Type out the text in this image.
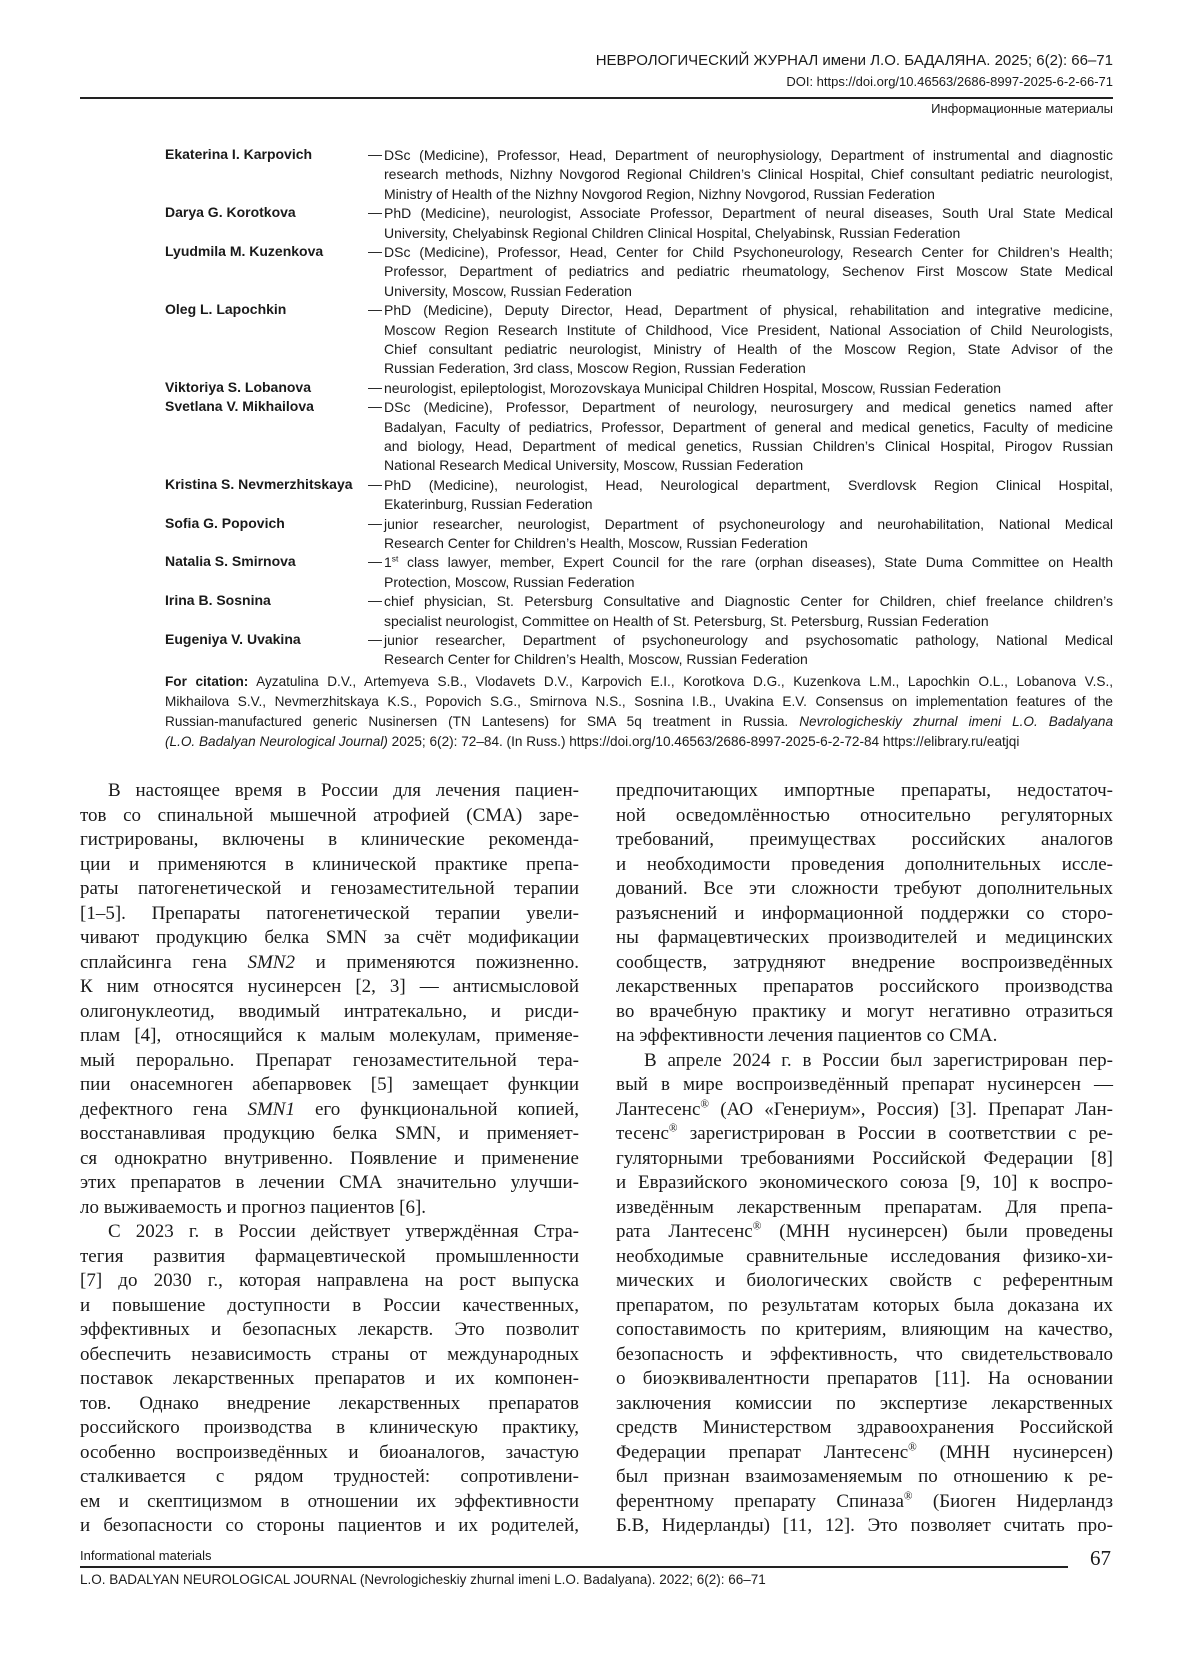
НЕВРОЛОГИЧЕСКИЙ ЖУРНАЛ имени Л.О. БАДАЛЯНА. 2025; 6(2): 66–71
DOI: https://doi.org/10.46563/2686-8997-2025-6-2-66-71
Информационные материалы
Ekaterina I. Karpovich	— DSc (Medicine), Professor, Head, Department of neurophysiology, Department of instrumental and diagnostic
research methods, Nizhny Novgorod Regional Children’s Clinical Hospital, Chief consultant pediatric neurologist,
Ministry of Health of the Nizhny Novgorod Region, Nizhny Novgorod, Russian Federation
Darya G. Korotkova	— PhD (Medicine), neurologist, Associate Professor, Department of neural diseases, South Ural State Medical
University, Chelyabinsk Regional Children Clinical Hospital, Chelyabinsk, Russian Federation
Lyudmila M. Kuzenkova	— DSc (Medicine), Professor, Head, Center for Child Psychoneurology, Research Center for Children’s Health;
Professor, Department of pediatrics and pediatric rheumatology, Sechenov First Moscow State Medical
University, Moscow, Russian Federation
Oleg L. Lapochkin	— PhD (Medicine), Deputy Director, Head, Department of physical, rehabilitation and integrative medicine,
Moscow Region Research Institute of Childhood, Vice President, National Association of Child Neurologists,
Chief consultant pediatric neurologist, Ministry of Health of the Moscow Region, State Advisor of the
Russian Federation, 3rd class, Moscow Region, Russian Federation
Viktoriya S. Lobanova	— neurologist, epileptologist, Morozovskaya Municipal Children Hospital, Moscow, Russian Federation
Svetlana V. Mikhailova	— DSc (Medicine), Professor, Department of neurology, neurosurgery and medical genetics named after
Badalyan, Faculty of pediatrics, Professor, Department of general and medical genetics, Faculty of medicine
and biology, Head, Department of medical genetics, Russian Children’s Clinical Hospital, Pirogov Russian
National Research Medical University, Moscow, Russian Federation
Kristina S. Nevmerzhitskaya — PhD (Medicine), neurologist, Head, Neurological department, Sverdlovsk Region Clinical Hospital,
Ekaterinburg, Russian Federation
Sofia G. Popovich	— junior researcher, neurologist, Department of psychoneurology and neurohabilitation, National Medical
Research Center for Children’s Health, Moscow, Russian Federation
Natalia S. Smirnova	— 1st class lawyer, member, Expert Council for the rare (orphan diseases), State Duma Committee on Health
Protection, Moscow, Russian Federation
Irina B. Sosnina	— chief physician, St. Petersburg Consultative and Diagnostic Center for Children, chief freelance children’s
specialist neurologist, Committee on Health of St. Petersburg, St. Petersburg, Russian Federation
Eugeniya V. Uvakina	— junior researcher, Department of psychoneurology and psychosomatic pathology, National Medical
Research Center for Children’s Health, Moscow, Russian Federation
For citation: Ayzatulina D.V., Artemyeva S.B., Vlodavets D.V., Karpovich E.I., Korotkova D.G., Kuzenkova L.M., Lapochkin O.L., Lobanova V.S.,
Mikhailova S.V., Nevmerzhitskaya K.S., Popovich S.G., Smirnova N.S., Sosnina I.B., Uvakina E.V. Consensus on implementation features of the
Russian-manufactured generic Nusinersen (TN Lantesens) for SMA 5q treatment in Russia. Nevrologicheskiy zhurnal imeni L.O. Badalyana
(L.O. Badalyan Neurological Journal) 2025; 6(2): 72–84. (In Russ.) https://doi.org/10.46563/2686-8997-2025-6-2-72-84 https://elibrary.ru/eatjqi
В настоящее время в России для лечения пациен-
тов со спинальной мышечной атрофией (СМА) заре-
гистрированы, включены в клинические рекоменда-
ции и применяются в клинической практике препа-
раты патогенетической и генозаместительной терапии
[1–5]. Препараты патогенетической терапии увели-
чивают продукцию белка SMN за счёт модификации
сплайсинга гена SMN2 и применяются пожизненно.
К ним относятся нусинерсен [2, 3] — антисмысловой
олигонуклеотид, вводимый интратекально, и рисди-
плам [4], относящийся к малым молекулам, применяе-
мый перорально. Препарат генозаместительной тера-
пии онасемноген абепарвовек [5] замещает функции
дефектного гена SMN1 его функциональной копией,
восстанавливая продукцию белка SMN, и применяет-
ся однократно внутривенно. Появление и применение
этих препаратов в лечении СМА значительно улучши-
ло выживаемость и прогноз пациентов [6].
С 2023 г. в России действует утверждённая Стра-
тегия развития фармацевтической промышленности
[7] до 2030 г., которая направлена на рост выпуска
и повышение доступности в России качественных,
эффективных и безопасных лекарств. Это позволит
обеспечить независимость страны от международных
поставок лекарственных препаратов и их компонен-
тов. Однако внедрение лекарственных препаратов
российского производства в клиническую практику,
особенно воспроизведённых и биоаналогов, зачастую
сталкивается с рядом трудностей: сопротивлени-
ем и скептицизмом в отношении их эффективности
и безопасности со стороны пациентов и их родителей,
предпочитающих импортные препараты, недостаточ-
ной осведомлённостью относительно регуляторных
требований, преимуществах российских аналогов
и необходимости проведения дополнительных иссле-
дований. Все эти сложности требуют дополнительных
разъяснений и информационной поддержки со сторо-
ны фармацевтических производителей и медицинских
сообществ, затрудняют внедрение воспроизведённых
лекарственных препаратов российского производства
во врачебную практику и могут негативно отразиться
на эффективности лечения пациентов со СМА.
В апреле 2024 г. в России был зарегистрирован пер-
вый в мире воспроизведённый препарат нусинерсен —
Лантесенс® (АО «Генериум», Россия) [3]. Препарат Лан-
тесенс® зарегистрирован в России в соответствии с ре-
гуляторными требованиями Российской Федерации [8]
и Евразийского экономического союза [9, 10] к воспро-
изведённым лекарственным препаратам. Для препа-
рата Лантесенс® (МНН нусинерсен) были проведены
необходимые сравнительные исследования физико-хи-
мических и биологических свойств с референтным
препаратом, по результатам которых была доказана их
сопоставимость по критериям, влияющим на качество,
безопасность и эффективность, что свидетельствовало
о биоэквивалентности препаратов [11]. На основании
заключения комиссии по экспертизе лекарственных
средств Министерством здравоохранения Российской
Федерации препарат Лантесенс® (МНН нусинерсен)
был признан взаимозаменяемым по отношению к ре-
ферентному препарату Спиназа® (Биоген Нидерландз
Б.В, Нидерланды) [11, 12]. Это позволяет считать про-
Informational materials	67
L.O. BADALYAN NEUROLOGICAL JOURNAL (Nevrologicheskiy zhurnal imeni L.O. Badalyana). 2022; 6(2): 66–71
